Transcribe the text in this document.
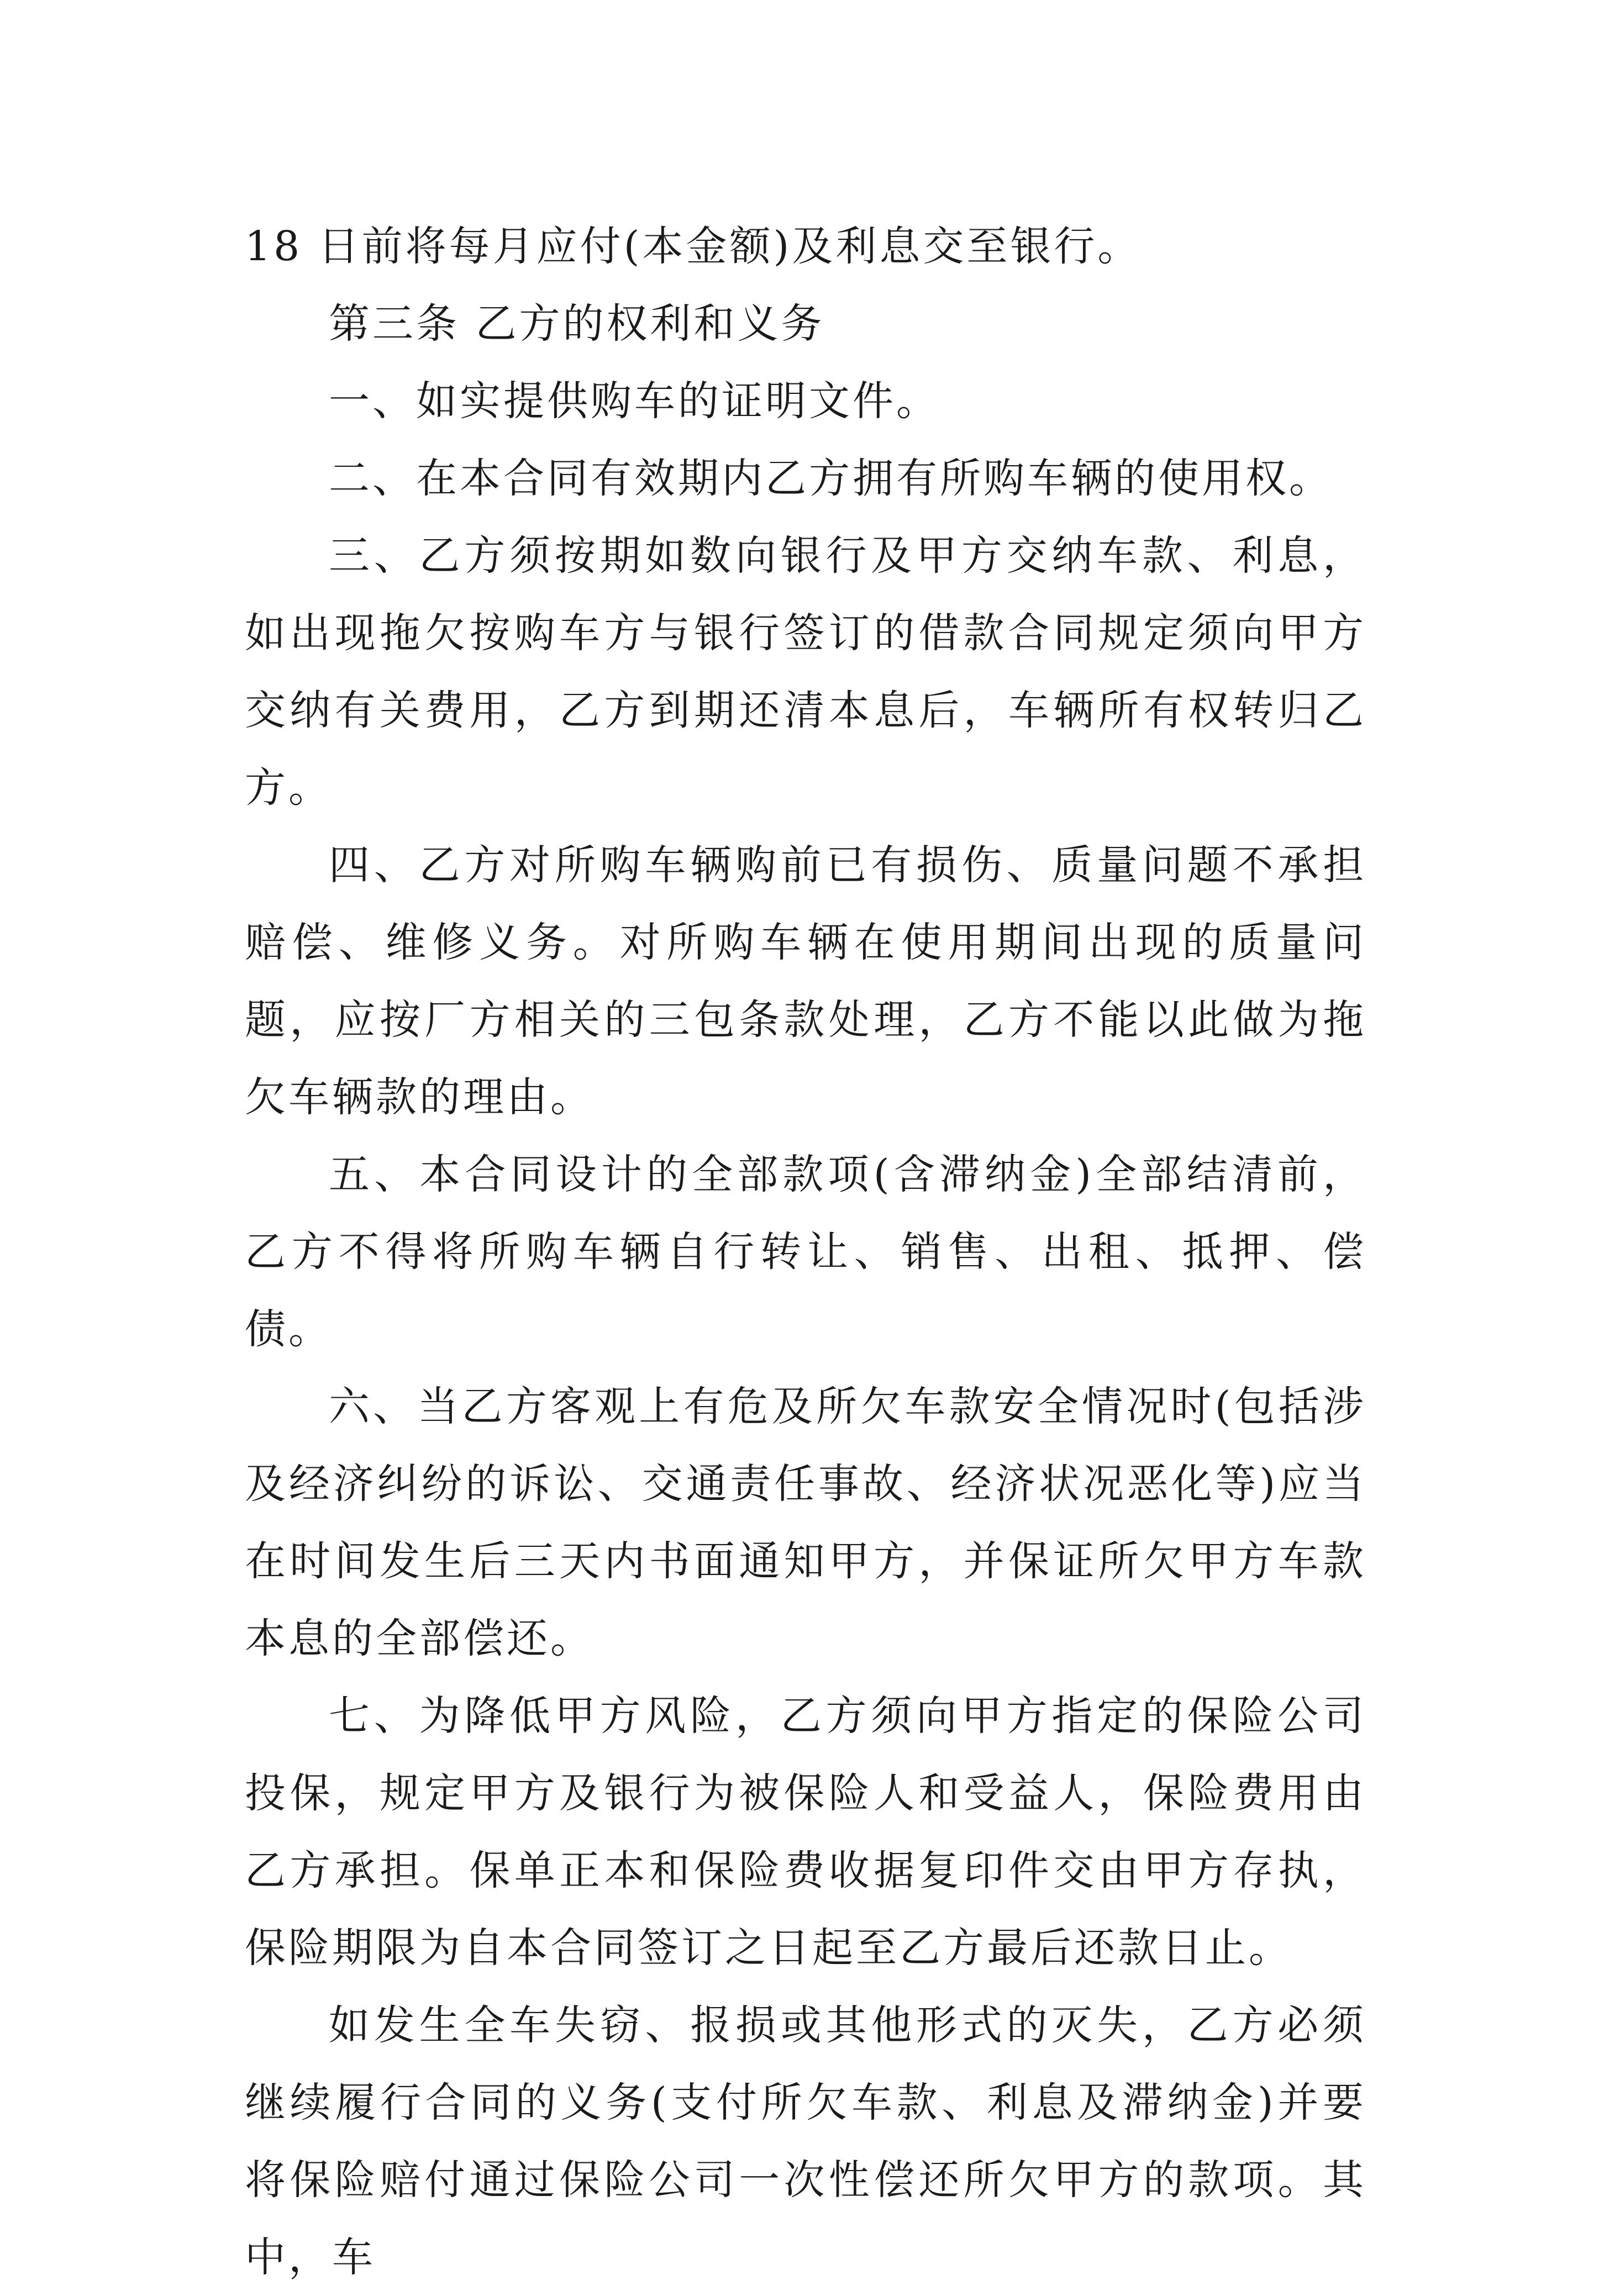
18 日前将每月应付(本金额)及利息交至银行。

第三条 乙方的权利和义务

一、如实提供购车的证明文件。

二、在本合同有效期内乙方拥有所购车辆的使用权。

三、乙方须按期如数向银行及甲方交纳车款、利息，如出现拖欠按购车方与银行签订的借款合同规定须向甲方交纳有关费用，乙方到期还清本息后，车辆所有权转归乙方。

四、乙方对所购车辆购前已有损伤、质量问题不承担赔偿、维修义务。对所购车辆在使用期间出现的质量问题，应按厂方相关的三包条款处理，乙方不能以此做为拖欠车辆款的理由。

五、本合同设计的全部款项(含滞纳金)全部结清前，乙方不得将所购车辆自行转让、销售、出租、抵押、偿债。

六、当乙方客观上有危及所欠车款安全情况时(包括涉及经济纠纷的诉讼、交通责任事故、经济状况恶化等)应当在时间发生后三天内书面通知甲方，并保证所欠甲方车款本息的全部偿还。

七、为降低甲方风险，乙方须向甲方指定的保险公司投保，规定甲方及银行为被保险人和受益人，保险费用由乙方承担。保单正本和保险费收据复印件交由甲方存执，保险期限为自本合同签订之日起至乙方最后还款日止。

如发生全车失窃、报损或其他形式的灭失，乙方必须继续履行合同的义务(支付所欠车款、利息及滞纳金)并要将保险赔付通过保险公司一次性偿还所欠甲方的款项。其中，车
